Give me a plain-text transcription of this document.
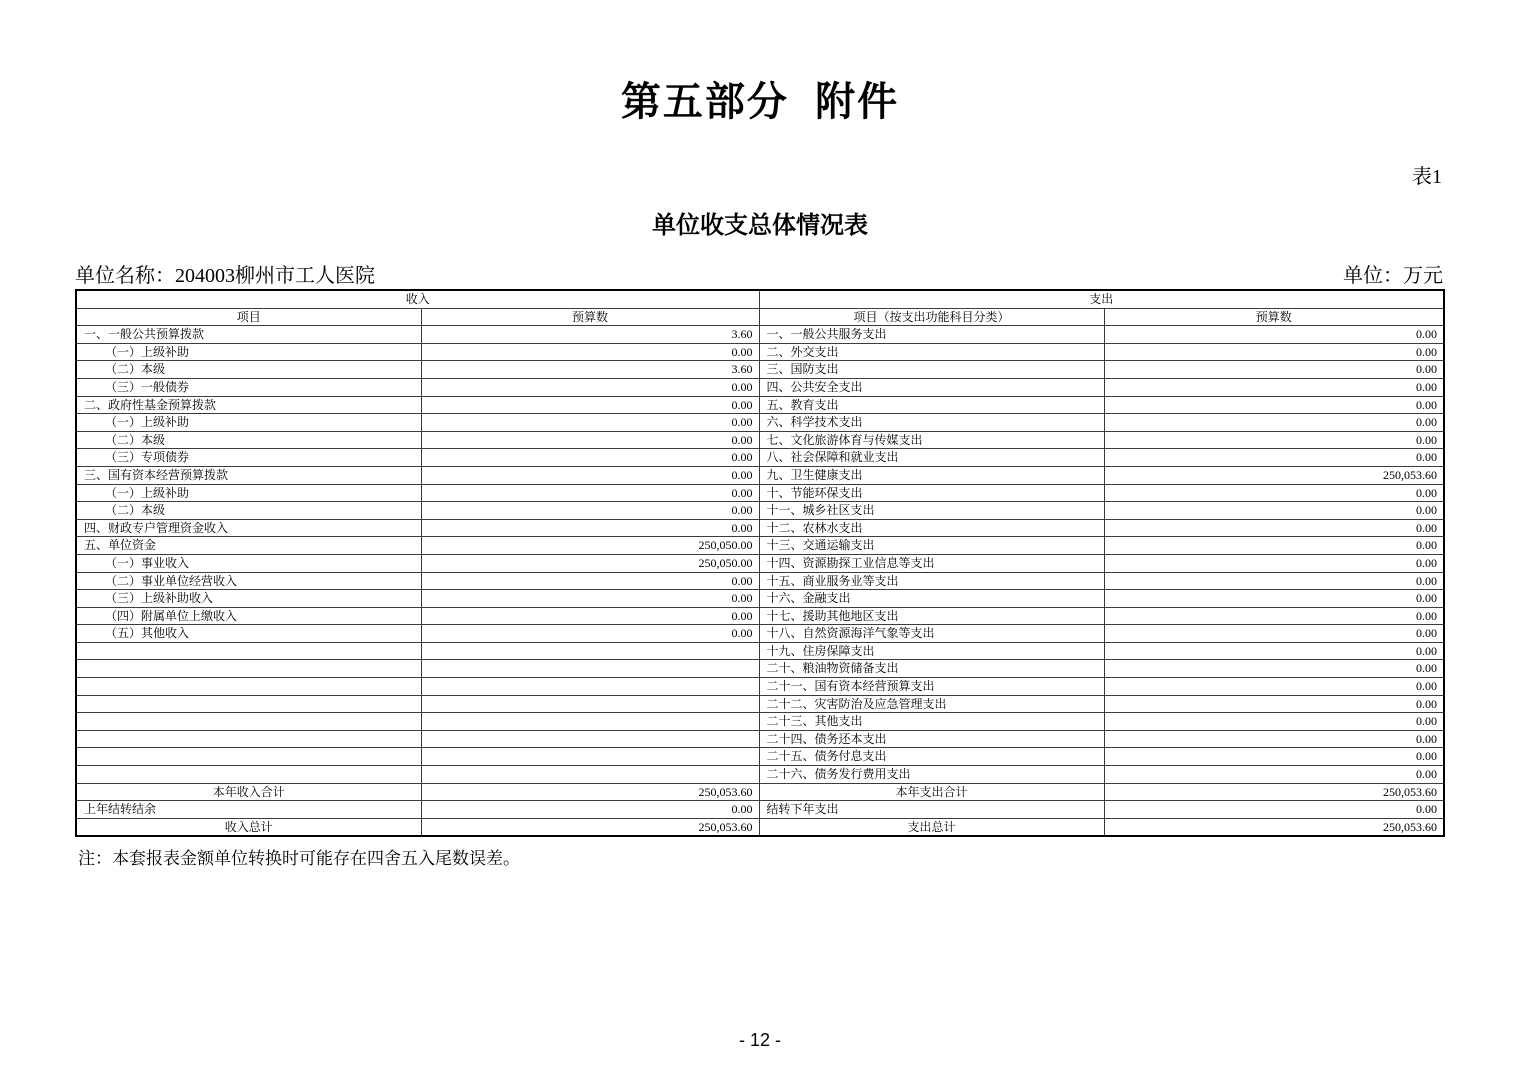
第五部分  附件
表1
单位收支总体情况表
单位名称：204003柳州市工人医院	单位：万元
收入		支出	
项目	预算数	项目（按支出功能科目分类）	预算数
一、一般公共预算拨款	3.60	一、一般公共服务支出	0.00
（一）上级补助	0.00	二、外交支出	0.00
（二）本级	3.60	三、国防支出	0.00
（三）一般债券	0.00	四、公共安全支出	0.00
二、政府性基金预算拨款	0.00	五、教育支出	0.00
（一）上级补助	0.00	六、科学技术支出	0.00
（二）本级	0.00	七、文化旅游体育与传媒支出	0.00
（三）专项债券	0.00	八、社会保障和就业支出	0.00
三、国有资本经营预算拨款	0.00	九、卫生健康支出	250,053.60
（一）上级补助	0.00	十、节能环保支出	0.00
（二）本级	0.00	十一、城乡社区支出	0.00
四、财政专户管理资金收入	0.00	十二、农林水支出	0.00
五、单位资金	250,050.00	十三、交通运输支出	0.00
（一）事业收入	250,050.00	十四、资源勘探工业信息等支出	0.00
（二）事业单位经营收入	0.00	十五、商业服务业等支出	0.00
（三）上级补助收入	0.00	十六、金融支出	0.00
（四）附属单位上缴收入	0.00	十七、援助其他地区支出	0.00
（五）其他收入	0.00	十八、自然资源海洋气象等支出	0.00
		十九、住房保障支出	0.00
		二十、粮油物资储备支出	0.00
		二十一、国有资本经营预算支出	0.00
		二十二、灾害防治及应急管理支出	0.00
		二十三、其他支出	0.00
		二十四、债务还本支出	0.00
		二十五、债务付息支出	0.00
		二十六、债务发行费用支出	0.00
本年收入合计	250,053.60	本年支出合计	250,053.60
上年结转结余	0.00	结转下年支出	0.00
收入总计	250,053.60	支出总计	250,053.60
注：本套报表金额单位转换时可能存在四舍五入尾数误差。
- 12 -
